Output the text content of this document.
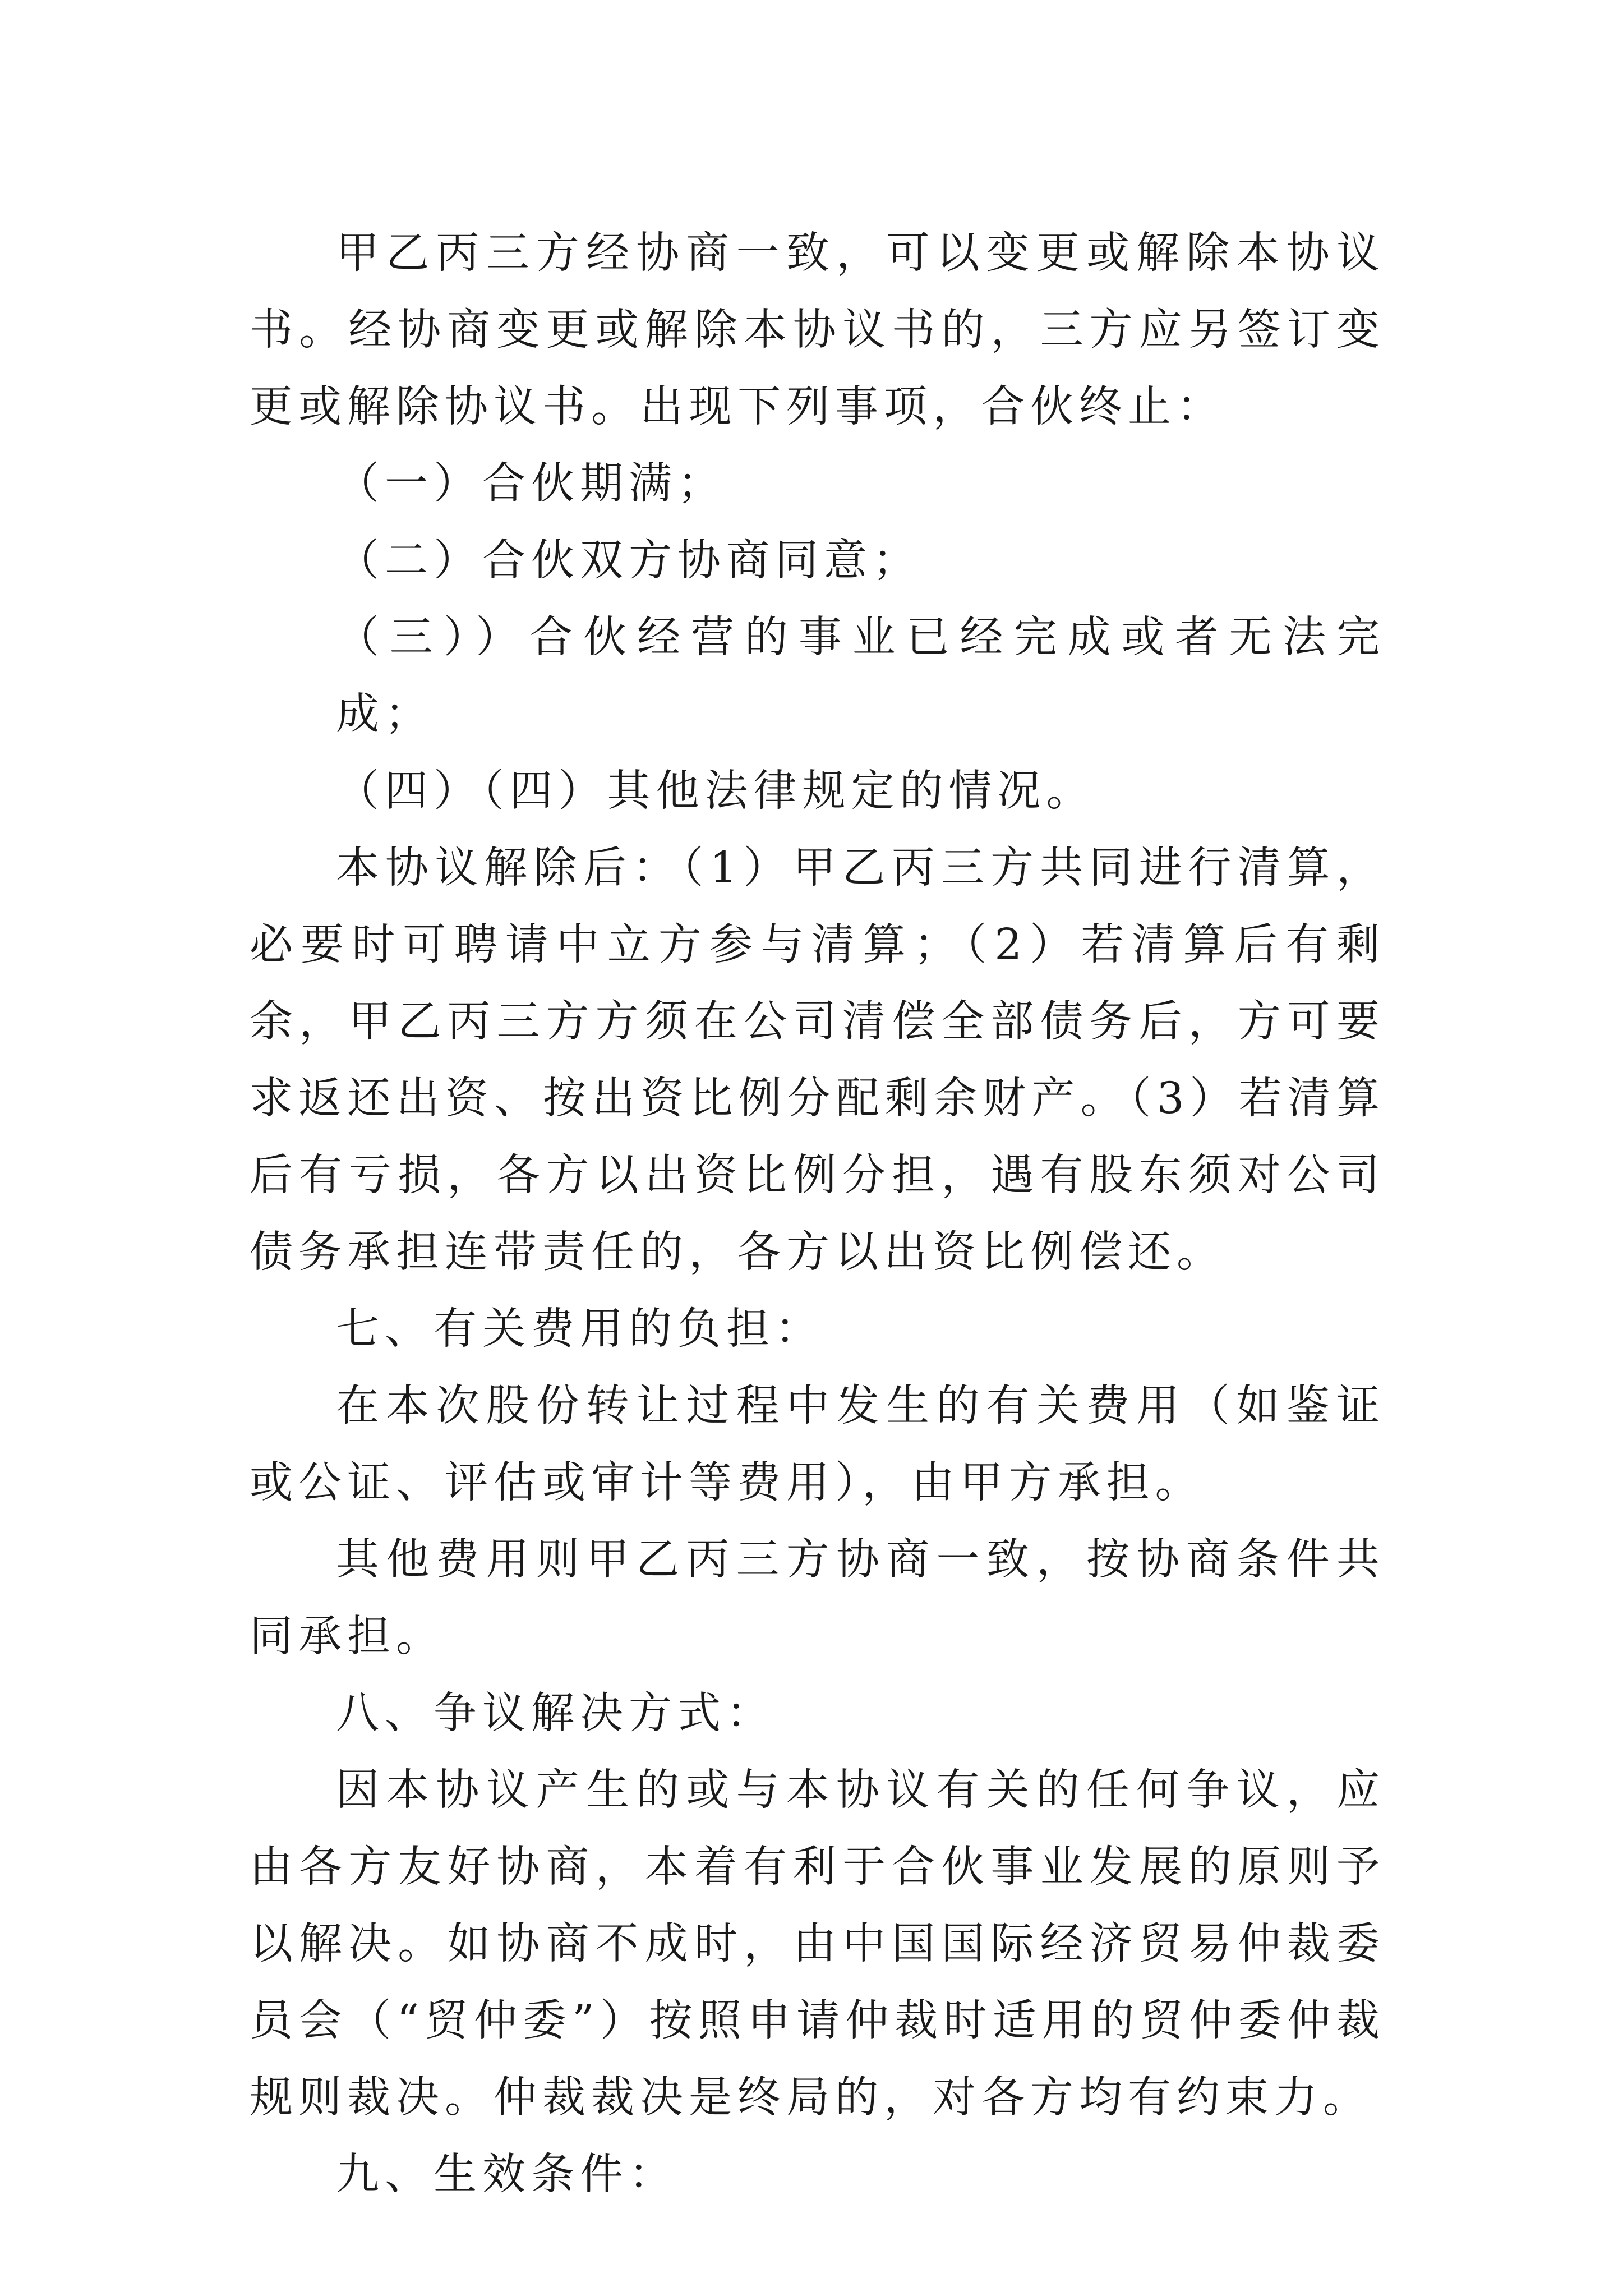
甲乙丙三方经协商一致，可以变更或解除本协议书。经协商变更或解除本协议书的，三方应另签订变更或解除协议书。出现下列事项，合伙终止：

（一）合伙期满；

（二）合伙双方协商同意；

（三））合伙经营的事业已经完成或者无法完成；

（四）（四）其他法律规定的情况。

本协议解除后：（1）甲乙丙三方共同进行清算，必要时可聘请中立方参与清算；（2）若清算后有剩余，甲乙丙三方方须在公司清偿全部债务后，方可要求返还出资、按出资比例分配剩余财产。（3）若清算后有亏损，各方以出资比例分担，遇有股东须对公司债务承担连带责任的，各方以出资比例偿还。

七、有关费用的负担：

在本次股份转让过程中发生的有关费用（如鉴证或公证、评估或审计等费用），由甲方承担。

其他费用则甲乙丙三方协商一致，按协商条件共同承担。

八、争议解决方式：

因本协议产生的或与本协议有关的任何争议，应由各方友好协商，本着有利于合伙事业发展的原则予以解决。如协商不成时，由中国国际经济贸易仲裁委员会（“贸仲委”）按照申请仲裁时适用的贸仲委仲裁规则裁决。仲裁裁决是终局的，对各方均有约束力。

九、生效条件：
